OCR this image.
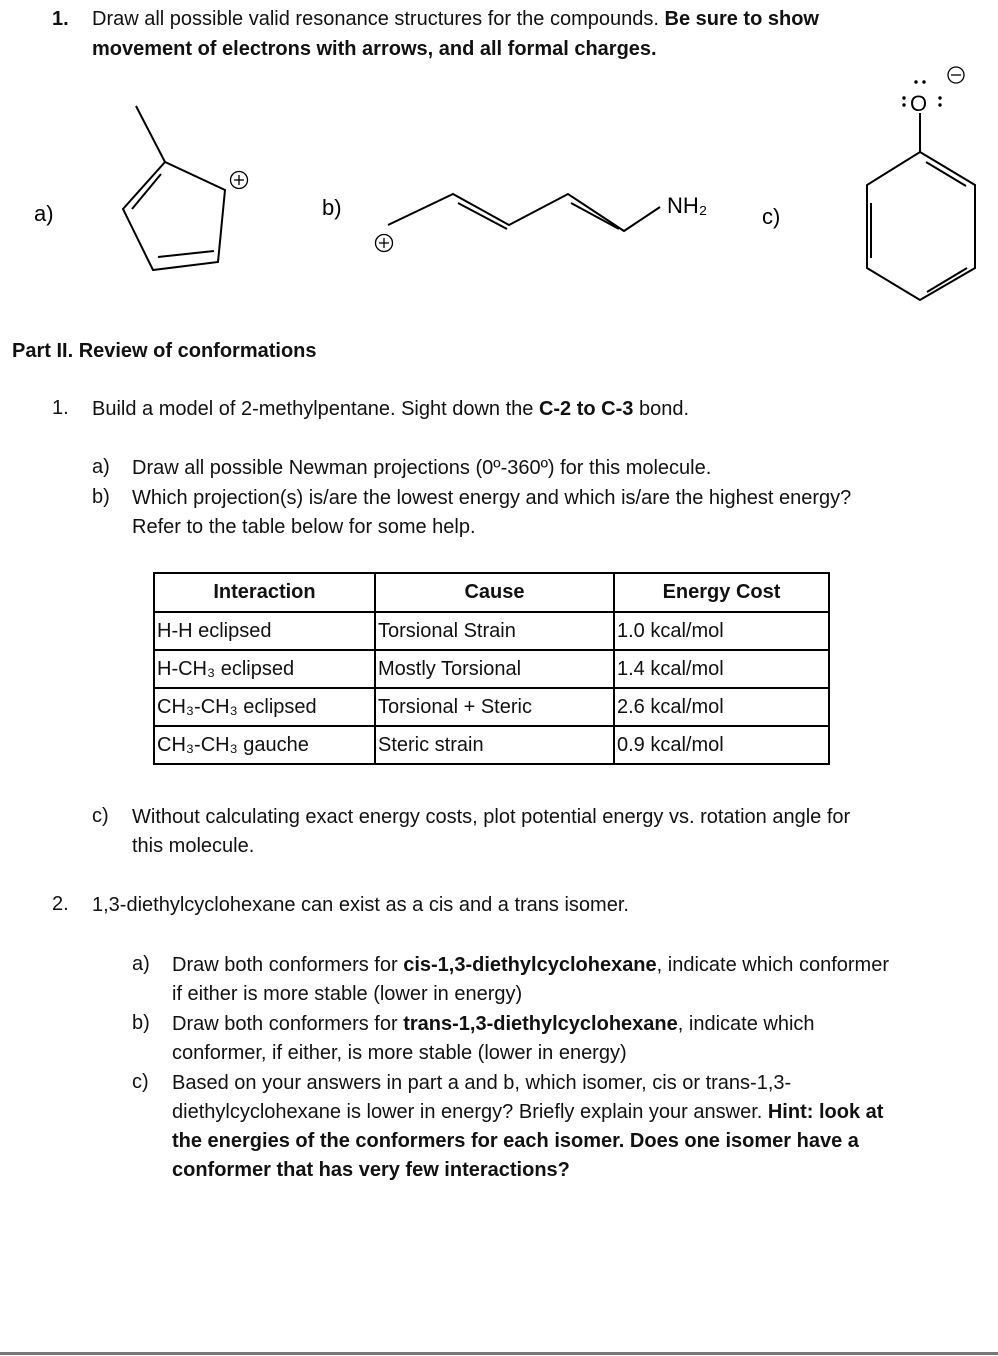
1. Draw all possible valid resonance structures for the compounds. Be sure to show
movement of electrons with arrows, and all formal charges.
a)	b)	c)
NH₂
O
Part II. Review of conformations
1. Build a model of 2-methylpentane. Sight down the C-2 to C-3 bond.
a) Draw all possible Newman projections (0º-360º) for this molecule.
b) Which projection(s) is/are the lowest energy and which is/are the highest energy?
Refer to the table below for some help.
Interaction	Cause	Energy Cost
H-H eclipsed	Torsional Strain	1.0 kcal/mol
H-CH₃ eclipsed	Mostly Torsional	1.4 kcal/mol
CH₃-CH₃ eclipsed	Torsional + Steric	2.6 kcal/mol
CH₃-CH₃ gauche	Steric strain	0.9 kcal/mol
c) Without calculating exact energy costs, plot potential energy vs. rotation angle for
this molecule.
2. 1,3-diethylcyclohexane can exist as a cis and a trans isomer.
a) Draw both conformers for cis-1,3-diethylcyclohexane, indicate which conformer
if either is more stable (lower in energy)
b) Draw both conformers for trans-1,3-diethylcyclohexane, indicate which
conformer, if either, is more stable (lower in energy)
c) Based on your answers in part a and b, which isomer, cis or trans-1,3-
diethylcyclohexane is lower in energy? Briefly explain your answer. Hint: look at
the energies of the conformers for each isomer. Does one isomer have a
conformer that has very few interactions?
